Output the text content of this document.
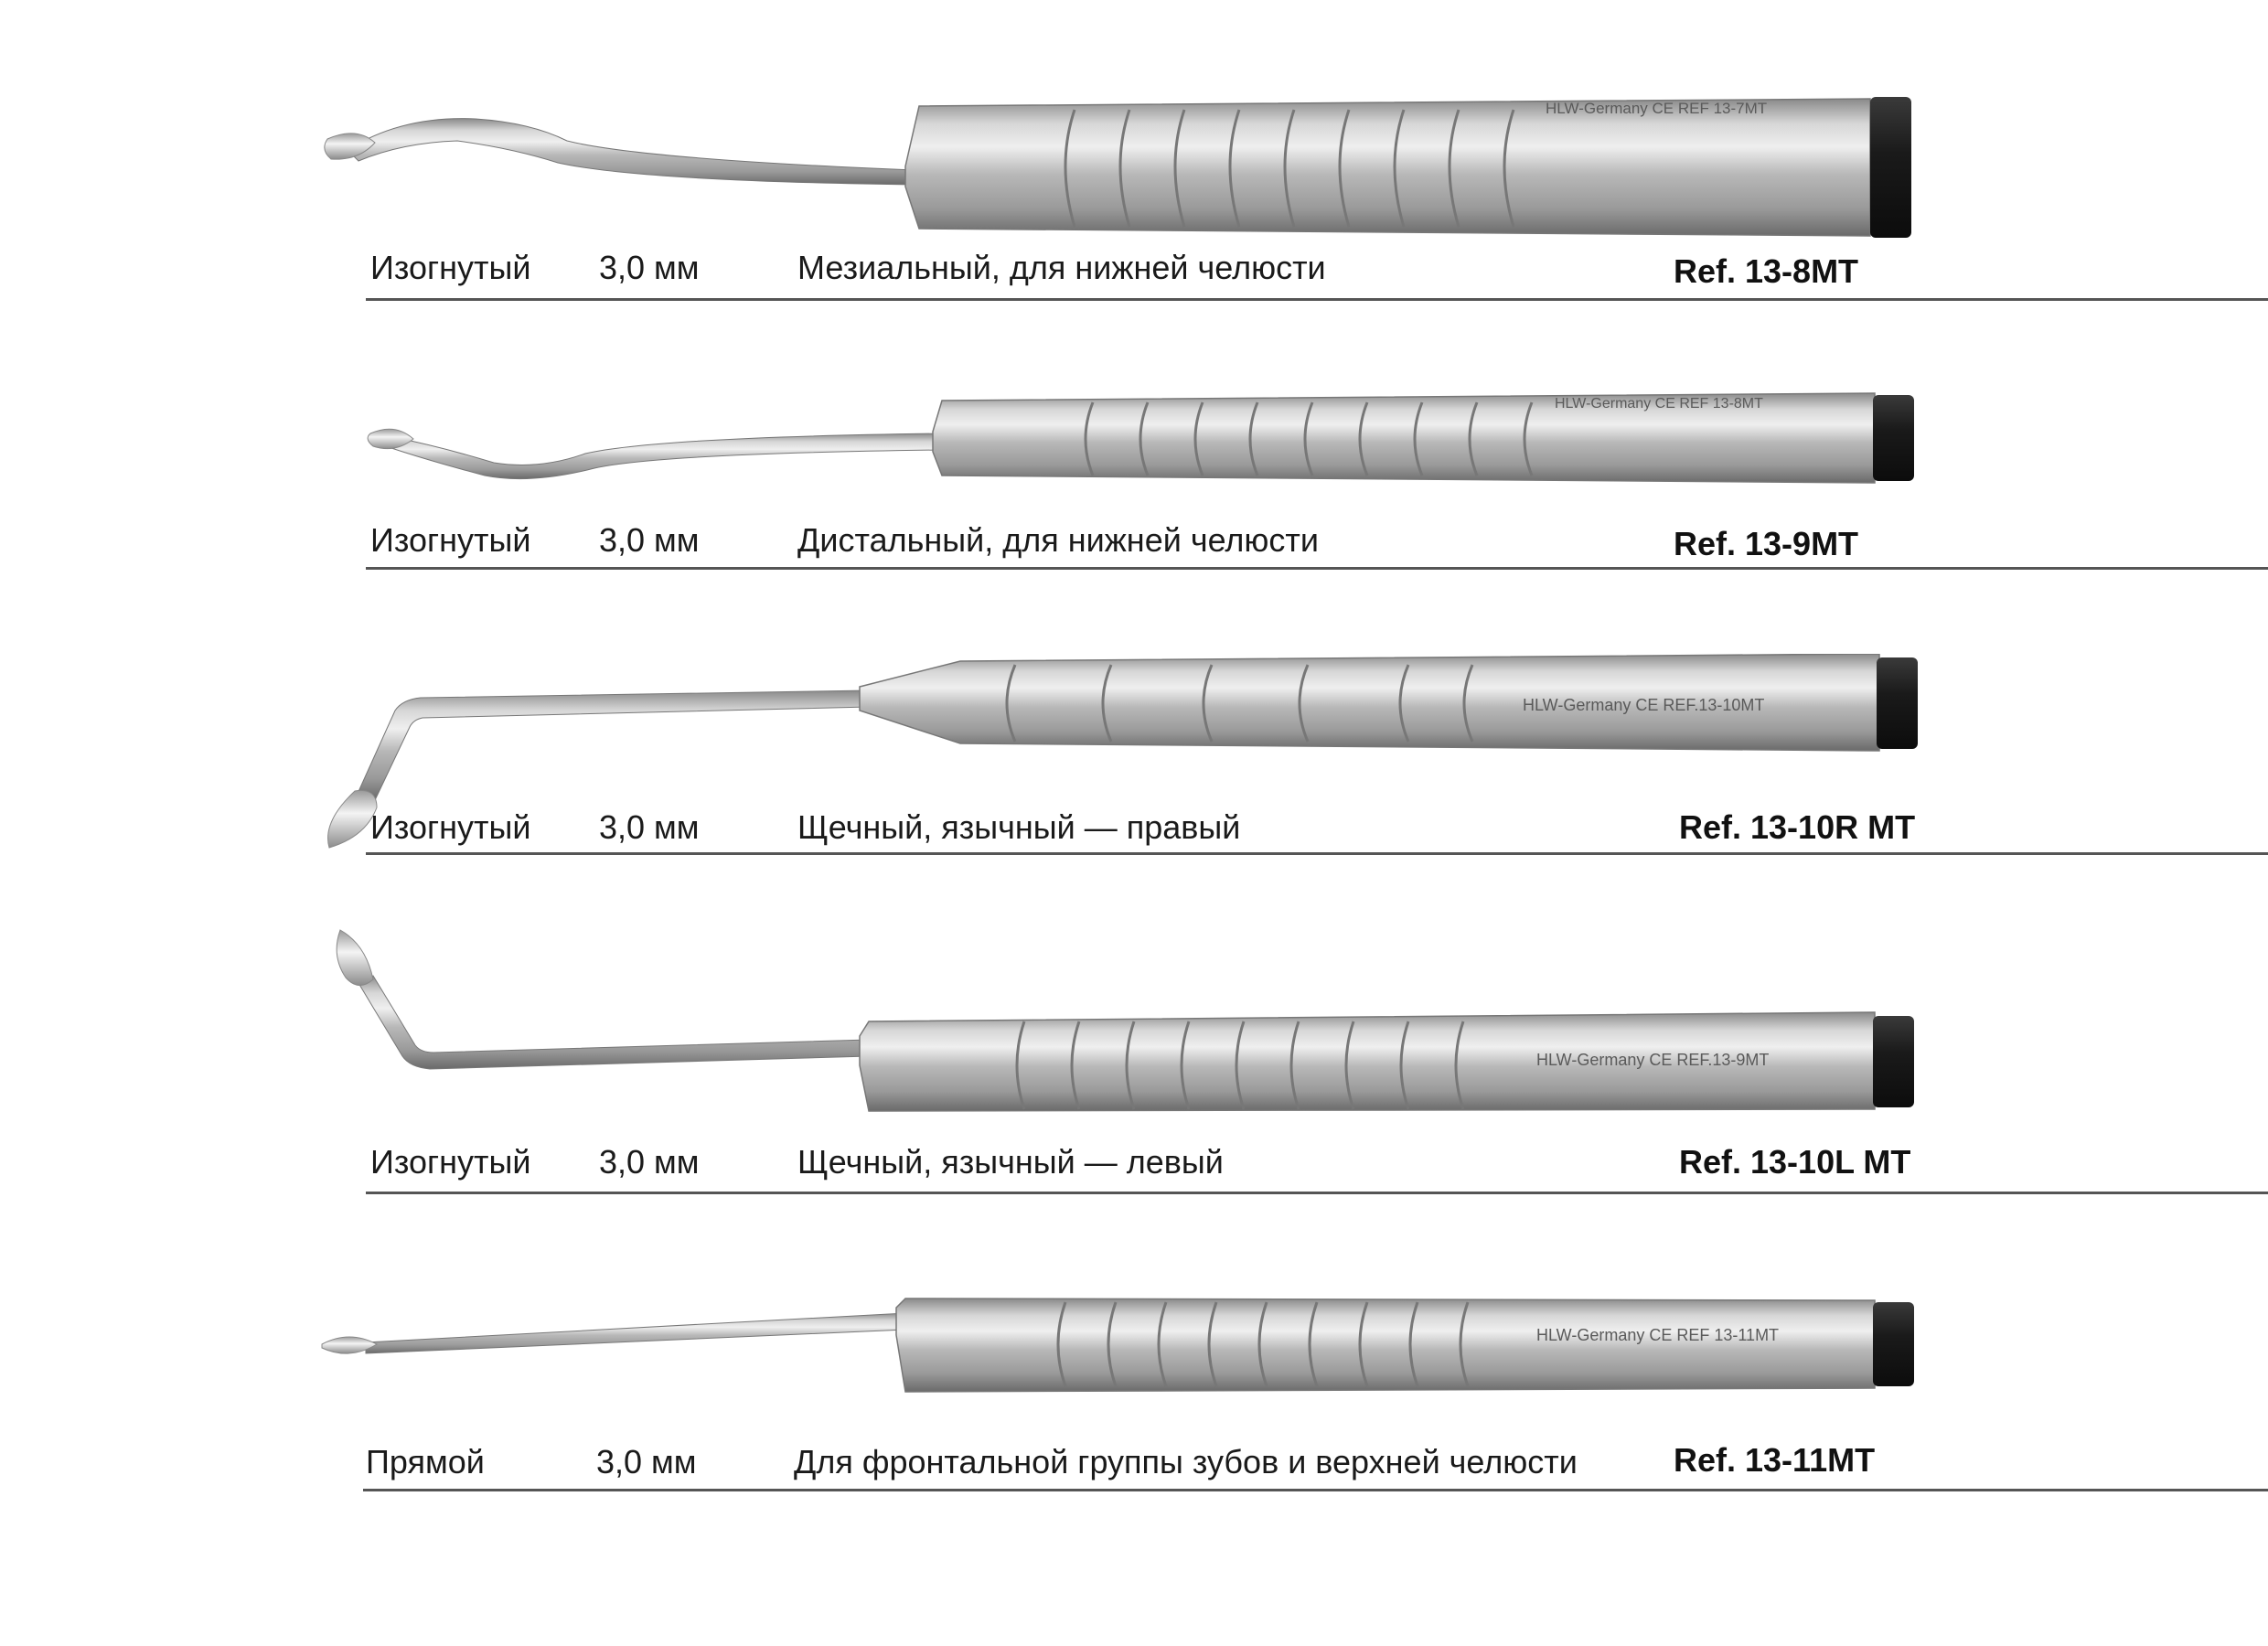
HLW-Germany CE REF 13-7MT
Изогнутый 3,0 мм	Мезиальный, для нижней челюсти	Ref. 13-8MT
HLW-Germany CE REF 13-8MT
Изогнутый 3,0 мм	Дистальный, для нижней челюсти	Ref. 13-9MT
HLW-Germany CE REF.13-10MT
Изогнутый 3,0 мм	Щечный, язычный — правый	Ref. 13-10R MT
HLW-Germany CE REF.13-9MT
Изогнутый 3,0 мм	Щечный, язычный — левый	Ref. 13-10L MT
HLW-Germany CE REF 13-11MT
Прямой	3,0 мм	Для фронтальной группы зубов и верхней челюсти	Ref. 13-11MT
